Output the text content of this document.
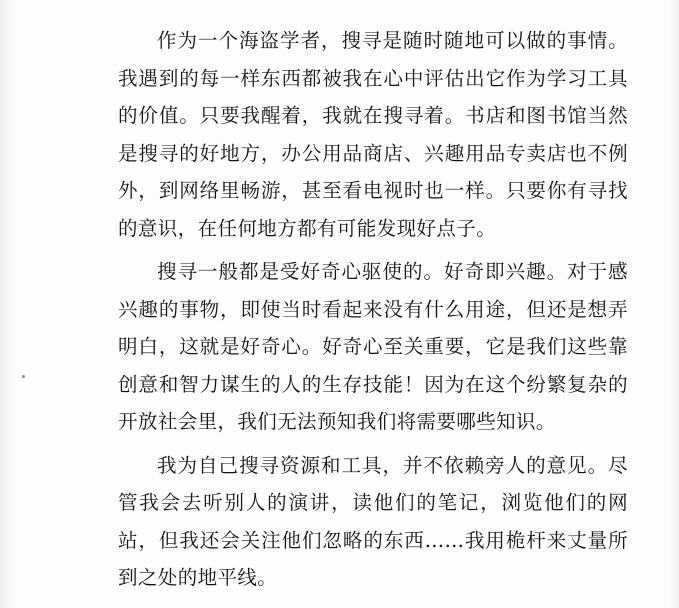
作为一个海盗学者，搜寻是随时随地可以做的事情。我遇到的每一样东西都被我在心中评估出它作为学习工具的价值。只要我醒着，我就在搜寻着。书店和图书馆当然是搜寻的好地方，办公用品商店、兴趣用品专卖店也不例外，到网络里畅游，甚至看电视时也一样。只要你有寻找的意识，在任何地方都有可能发现好点子。

搜寻一般都是受好奇心驱使的。好奇即兴趣。对于感兴趣的事物，即使当时看起来没有什么用途，但还是想弄明白，这就是好奇心。好奇心至关重要，它是我们这些靠创意和智力谋生的人的生存技能！因为在这个纷繁复杂的开放社会里，我们无法预知我们将需要哪些知识。

我为自己搜寻资源和工具，并不依赖旁人的意见。尽管我会去听别人的演讲，读他们的笔记，浏览他们的网站，但我还会关注他们忽略的东西……我用桅杆来丈量所到之处的地平线。
